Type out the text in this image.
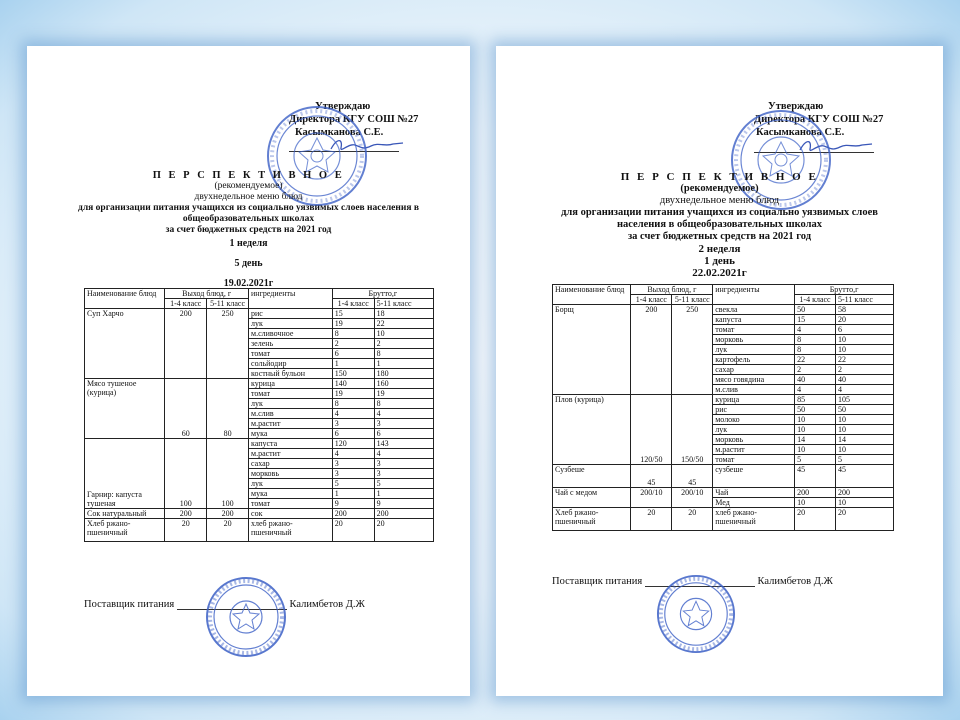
Утверждаю
Директора КГУ СОШ №27
Касымканова С.Е.
П Е Р С П Е К Т И В Н О Е
(рекомендуемое)
двухнедельное меню блюд
для организации питания учащихся из социально уязвимых слоев населения в
общеобразовательных школах
за счет бюджетных средств на 2021 год
1 неделя
5 день
19.02.2021г
Наименование блюд	Выход блюд, г		ингредиенты	Брутто,г	
	1-4 класс	5-11 класс		1-4 класс	5-11 класс
Суп Харчо	200	250	рис	15	18
			лук	19	22
			м.сливочное	8	10
			зелень	2	2
			томат	6	8
			сольйодир	1	1
			костный бульон	150	180
Мясо тушеное (курица)	60	80	курица	140	160
			томат	19	19
			лук	8	8
			м.слив	4	4
			м.растит	3	3
			мука	6	6
Гарнир: капуста тушеная	100	100	капуста	120	143
			м.растит	4	4
			сахар	3	3
			морковь	3	3
			лук	5	5
			мука	1	1
			томат	9	9
Сок натуральный	200	200	сок	200	200
Хлеб ржано-пшеничный	20	20	хлеб ржано-пшеничный	20	20
Поставщик питания	Калимбетов Д.Ж
Утверждаю
Директора КГУ СОШ №27
Касымканова С.Е.
П Е Р С П Е К Т И В Н О Е
(рекомендуемое)
двухнедельное меню блюд
для организации питания учащихся из социально уязвимых слоев
населения в общеобразовательных школах
за счет бюджетных средств на 2021 год
2 неделя
1 день
22.02.2021г
Наименование блюд	Выход блюд, г		ингредиенты	Брутто,г	
	1-4 класс	5-11 класс		1-4 класс	5-11 класс
Борщ	200	250	свекла	50	58
			капуста	15	20
			томат	4	6
			морковь	8	10
			лук	8	10
			картофель	22	22
			сахар	2	2
			мясо говядина	40	40
			м.слив	4	4
Плов (курица)	120/50	150/50	курица	85	105
			рис	50	50
			молоко	10	10
			лук	10	10
			морковь	14	14
			м.растит	10	10
			томат	5	5
Сузбеше	45	45	сузбеше	45	45
Чай с медом	200/10	200/10	Чай	200	200
			Мед	10	10
Хлеб ржано-пшеничный	20	20	хлеб ржано-пшеничный	20	20
Поставщик питания	Калимбетов Д.Ж
